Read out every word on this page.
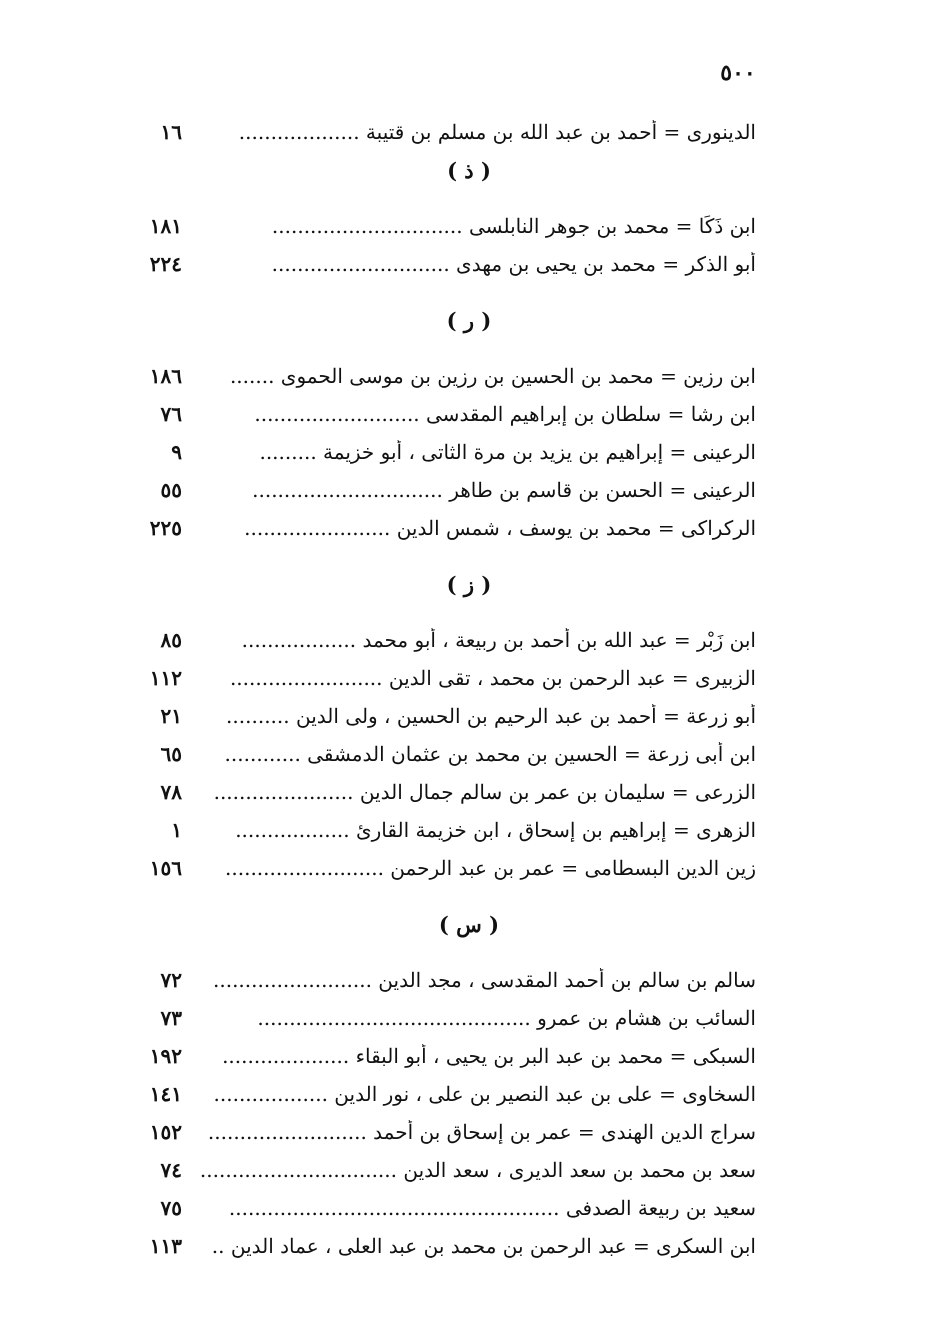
٥٠٠
الدينورى = أحمد بن عبد الله بن مسلم بن قتيبة ...................
١٦
( ذ )
ابن ذَكَا = محمد بن جوهر النابلسى ..............................
١٨١
أبو الذكر = محمد بن يحيى بن مهدى ............................
٢٢٤
( ر )
ابن رزين = محمد بن الحسين بن رزين بن موسى الحموى .......
١٨٦
ابن رشا = سلطان بن إبراهيم المقدسى ..........................
٧٦
الرعينى = إبراهيم بن يزيد بن مرة الثاتى ، أبو خزيمة .........
٩
الرعينى = الحسن بن قاسم بن طاهر ..............................
٥٥
الركراكى = محمد بن يوسف ، شمس الدين .......................
٢٢٥
( ز )
ابن زَبْر = عبد الله بن أحمد بن ربيعة ، أبو محمد ..................
٨٥
الزبيرى = عبد الرحمن بن محمد ، تقى الدين ........................
١١٢
أبو زرعة = أحمد بن عبد الرحيم بن الحسين ، ولى الدين ..........
٢١
ابن أبى زرعة = الحسين بن محمد بن عثمان الدمشقى ............
٦٥
الزرعى = سليمان بن عمر بن سالم جمال الدين ......................
٧٨
الزهرى = إبراهيم بن إسحاق ، ابن خزيمة القارئ ..................
١
زين الدين البسطامى = عمر بن عبد الرحمن .........................
١٥٦
( س )
سالم بن سالم بن أحمد المقدسى ، مجد الدين .........................
٧٢
السائب بن هشام بن عمرو ...........................................
٧٣
السبكى = محمد بن عبد البر بن يحيى ، أبو البقاء ....................
١٩٢
السخاوى = على بن عبد النصير بن على ، نور الدين ..................
١٤١
سراج الدين الهندى = عمر بن إسحاق بن أحمد .........................
١٥٢
سعد بن محمد بن سعد الديرى ، سعد الدين ...............................
٧٤
سعيد بن ربيعة الصدفى ....................................................
٧٥
ابن السكرى = عبد الرحمن بن محمد بن عبد العلى ، عماد الدين ..
١١٣
